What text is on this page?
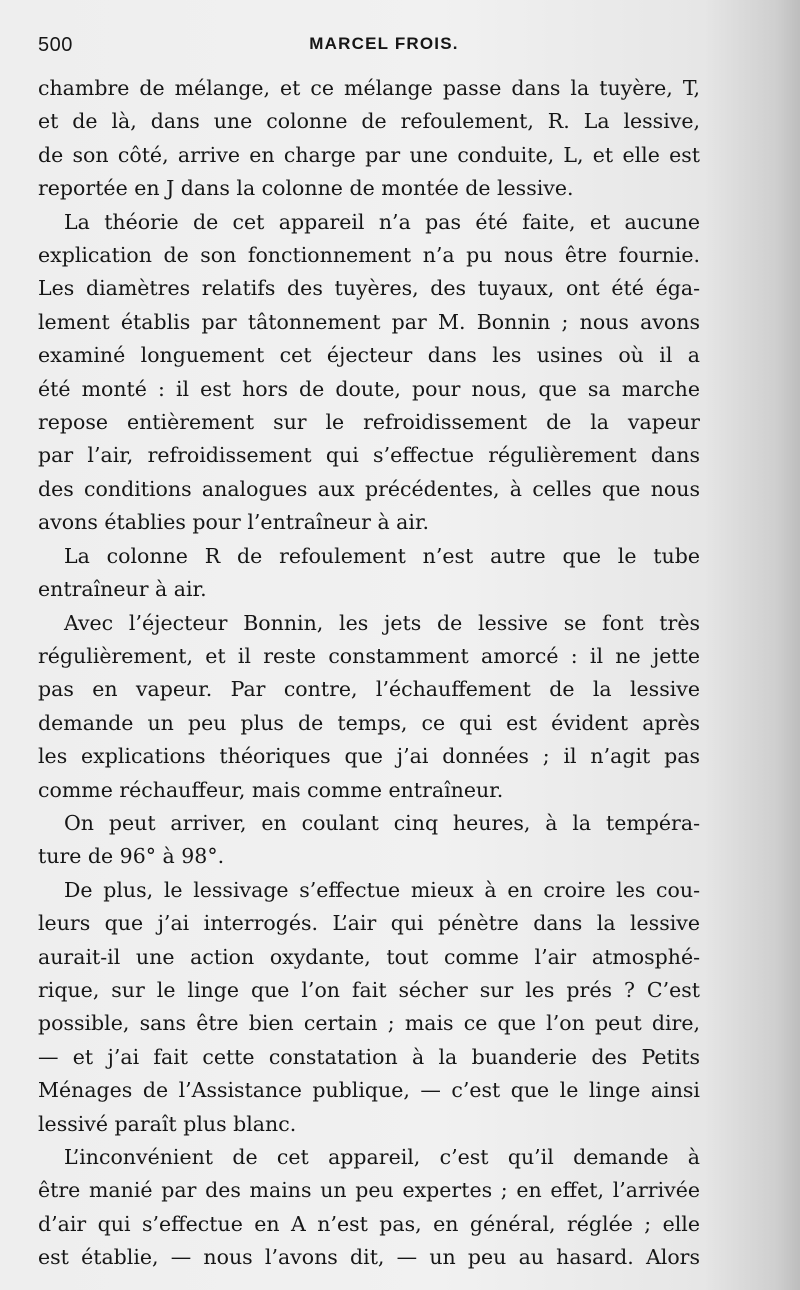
500	MARCEL FROIS.
chambre de mélange, et ce mélange passe dans la tuyère, T,
et de là, dans une colonne de refoulement, R. La lessive,
de son côté, arrive en charge par une conduite, L, et elle est
reportée en J dans la colonne de montée de lessive.
La théorie de cet appareil n’a pas été faite, et aucune
explication de son fonctionnement n’a pu nous être fournie.
Les diamètres relatifs des tuyères, des tuyaux, ont été éga-
lement établis par tâtonnement par M. Bonnin ; nous avons
examiné longuement cet éjecteur dans les usines où il a
été monté : il est hors de doute, pour nous, que sa marche
repose entièrement sur le refroidissement de la vapeur
par l’air, refroidissement qui s’effectue régulièrement dans
des conditions analogues aux précédentes, à celles que nous
avons établies pour l’entraîneur à air.
La colonne R de refoulement n’est autre que le tube
entraîneur à air.
Avec l’éjecteur Bonnin, les jets de lessive se font très
régulièrement, et il reste constamment amorcé : il ne jette
pas en vapeur. Par contre, l’échauffement de la lessive
demande un peu plus de temps, ce qui est évident après
les explications théoriques que j’ai données ; il n’agit pas
comme réchauffeur, mais comme entraîneur.
On peut arriver, en coulant cinq heures, à la tempéra-
ture de 96° à 98°.
De plus, le lessivage s’effectue mieux à en croire les cou-
leurs que j’ai interrogés. L’air qui pénètre dans la lessive
aurait-il une action oxydante, tout comme l’air atmosphé-
rique, sur le linge que l’on fait sécher sur les prés ? C’est
possible, sans être bien certain ; mais ce que l’on peut dire,
— et j’ai fait cette constatation à la buanderie des Petits
Ménages de l’Assistance publique, — c’est que le linge ainsi
lessivé paraît plus blanc.
L’inconvénient de cet appareil, c’est qu’il demande à
être manié par des mains un peu expertes ; en effet, l’arrivée
d’air qui s’effectue en A n’est pas, en général, réglée ; elle
est établie, — nous l’avons dit, — un peu au hasard. Alors
